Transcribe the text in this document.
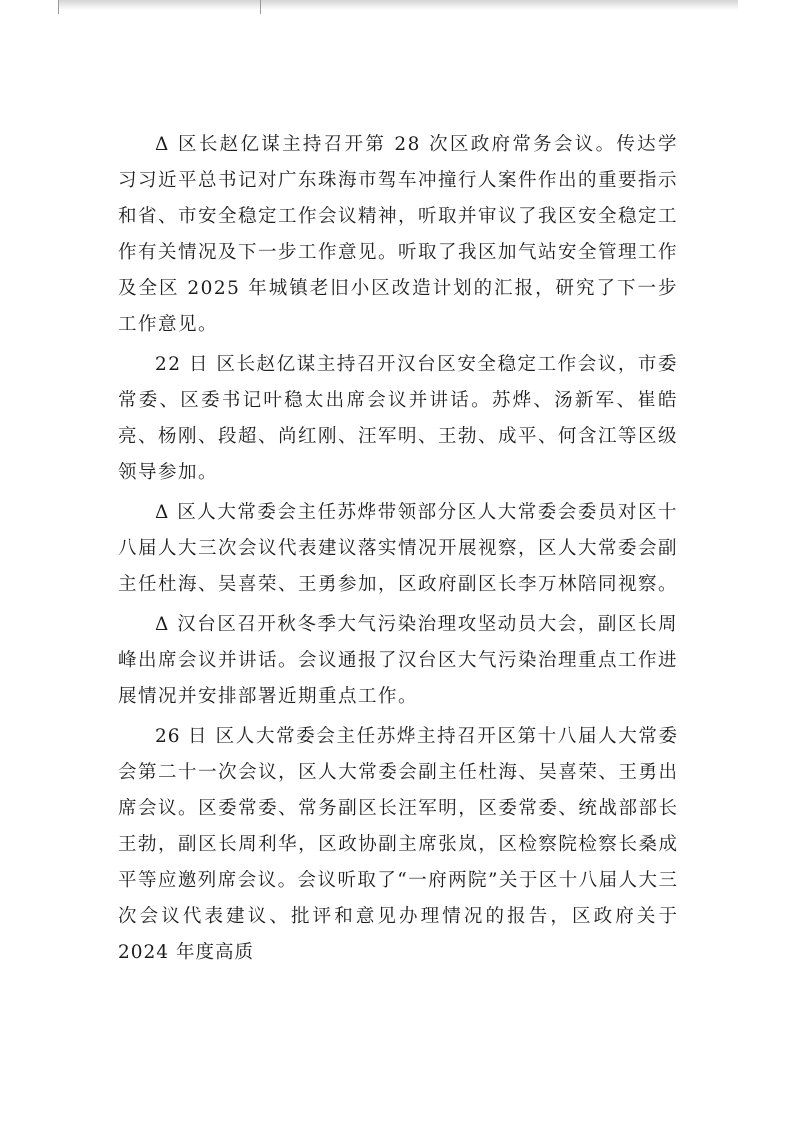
Δ 区长赵亿谋主持召开第 28 次区政府常务会议。传达学习习近平总书记对广东珠海市驾车冲撞行人案件作出的重要指示和省、市安全稳定工作会议精神，听取并审议了我区安全稳定工作有关情况及下一步工作意见。听取了我区加气站安全管理工作及全区 2025 年城镇老旧小区改造计划的汇报，研究了下一步工作意见。

22 日 区长赵亿谋主持召开汉台区安全稳定工作会议，市委常委、区委书记叶稳太出席会议并讲话。苏烨、汤新军、崔皓亮、杨刚、段超、尚红刚、汪军明、王勃、成平、何含江等区级领导参加。

Δ 区人大常委会主任苏烨带领部分区人大常委会委员对区十八届人大三次会议代表建议落实情况开展视察，区人大常委会副主任杜海、吴喜荣、王勇参加，区政府副区长李万林陪同视察。

Δ 汉台区召开秋冬季大气污染治理攻坚动员大会，副区长周峰出席会议并讲话。会议通报了汉台区大气污染治理重点工作进展情况并安排部署近期重点工作。

26 日 区人大常委会主任苏烨主持召开区第十八届人大常委会第二十一次会议，区人大常委会副主任杜海、吴喜荣、王勇出席会议。区委常委、常务副区长汪军明，区委常委、统战部部长王勃，副区长周利华，区政协副主席张岚，区检察院检察长桑成平等应邀列席会议。会议听取了“一府两院”关于区十八届人大三次会议代表建议、批评和意见办理情况的报告，区政府关于 2024 年度高质
